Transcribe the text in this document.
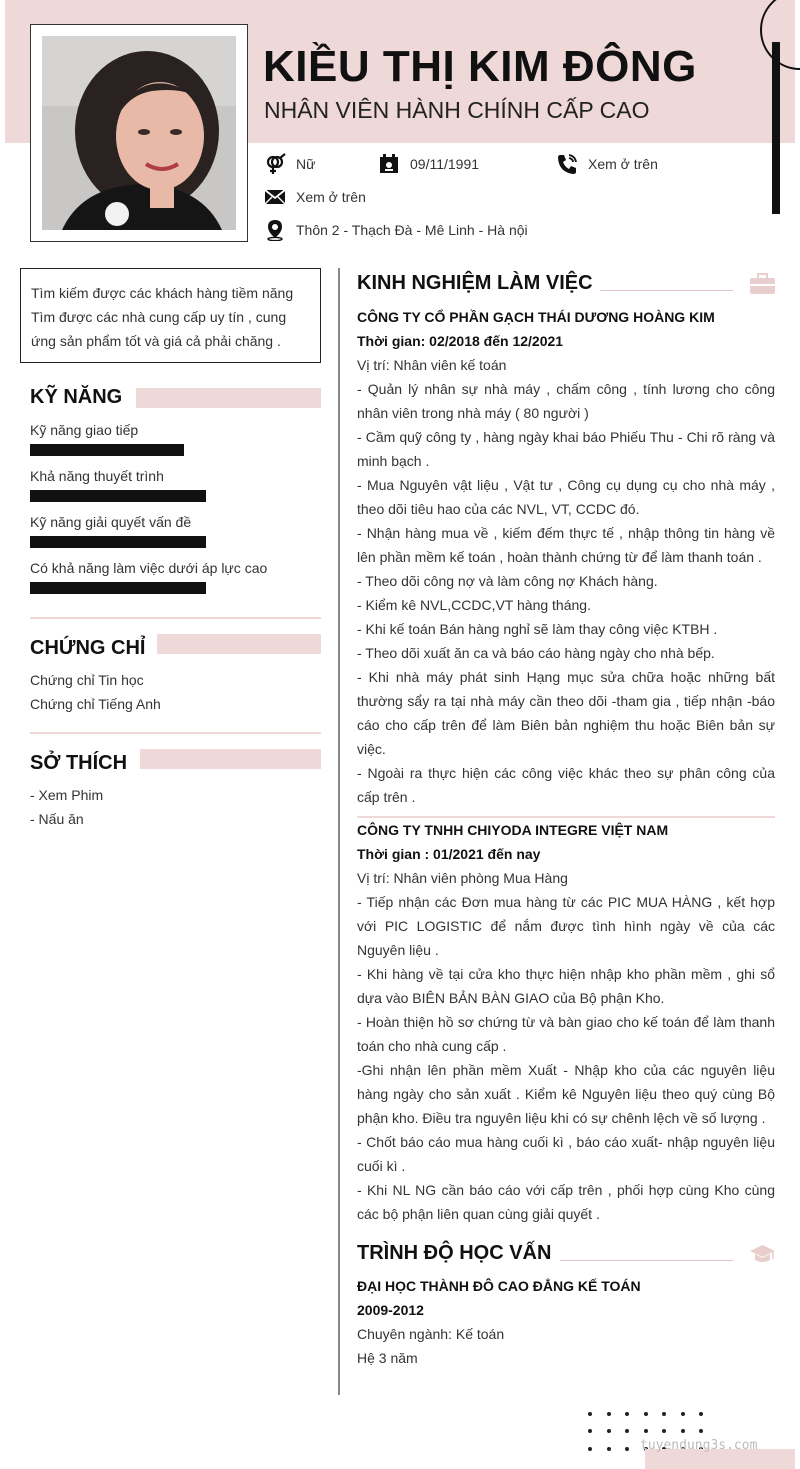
KIỀU THỊ KIM ĐÔNG
NHÂN VIÊN HÀNH CHÍNH CẤP CAO
Nữ	09/11/1991	Xem ở trên
Xem ở trên
Thôn 2 - Thạch Đà - Mê Linh - Hà nội
Tìm kiếm được các khách hàng tiềm năng
Tìm được các nhà cung cấp uy tín , cung ứng sản phẩm tốt và giá cả phải chăng .
KỸ NĂNG
Kỹ năng giao tiếp
Khả năng thuyết trình
Kỹ năng giải quyết vấn đề
Có khả năng làm việc dưới áp lực cao
CHỨNG CHỈ
Chứng chỉ Tin học
Chứng chỉ Tiếng Anh
SỞ THÍCH
- Xem Phim
- Nấu ăn
KINH NGHIỆM LÀM VIỆC

CÔNG TY CỔ PHẦN GẠCH THÁI DƯƠNG HOÀNG KIM

Thời gian: 02/2018 đến 12/2021

Vị trí: Nhân viên kế toán

- Quản lý nhân sự nhà máy , chấm công , tính lương cho công nhân viên trong nhà máy ( 80 người )

- Cầm quỹ công ty , hàng ngày khai báo Phiếu Thu - Chi rõ ràng và minh bạch .

- Mua Nguyên vật liệu , Vật tư , Công cụ dụng cụ cho nhà máy , theo dõi tiêu hao của các NVL, VT, CCDC đó.

- Nhận hàng mua về , kiếm đếm thực tế , nhập thông tin hàng về lên phần mềm kế toán , hoàn thành chứng từ để làm thanh toán .

- Theo dõi công nợ và làm công nợ Khách hàng.

- Kiểm kê NVL,CCDC,VT hàng tháng.

- Khi kế toán Bán hàng nghỉ sẽ làm thay công việc KTBH .

- Theo dõi xuất ăn ca và báo cáo hàng ngày cho nhà bếp.

- Khi nhà máy phát sinh Hạng mục sửa chữa hoặc những bất thường sẩy ra tại nhà máy cần theo dõi -tham gia , tiếp nhận -báo cáo cho cấp trên để làm Biên bản nghiệm thu hoặc Biên bản sự việc.

- Ngoài ra thực hiện các công việc khác theo sự phân công của cấp trên .

CÔNG TY TNHH CHIYODA INTEGRE VIỆT NAM

Thời gian : 01/2021 đến nay

Vị trí: Nhân viên phòng Mua Hàng

- Tiếp nhận các Đơn mua hàng từ các PIC MUA HÀNG , kết hợp với PIC LOGISTIC để nắm được tình hình ngày về của các Nguyên liệu .

- Khi hàng về tại cửa kho thực hiện nhập kho phần mềm , ghi sổ dựa vào BIÊN BẢN BÀN GIAO của Bộ phận Kho.

- Hoàn thiện hồ sơ chứng từ và bàn giao cho kế toán để làm thanh toán cho nhà cung cấp .

-Ghi nhận lên phần mềm Xuất - Nhập kho của các nguyên liệu hàng ngày cho sản xuất . Kiểm kê Nguyên liệu theo quý cùng Bộ phận kho. Điều tra nguyên liệu khi có sự chênh lệch về số lượng .

- Chốt báo cáo mua hàng cuối kì , báo cáo xuất- nhập nguyên liệu cuối kì .

- Khi NL NG cần báo cáo với cấp trên , phối hợp cùng Kho cùng các bộ phận liên quan cùng giải quyết .

TRÌNH ĐỘ HỌC VẤN

ĐẠI HỌC THÀNH ĐÔ CAO ĐẲNG KẾ TOÁN

2009-2012

Chuyên ngành: Kế toán

Hệ 3 năm

tuyendung3s.com
